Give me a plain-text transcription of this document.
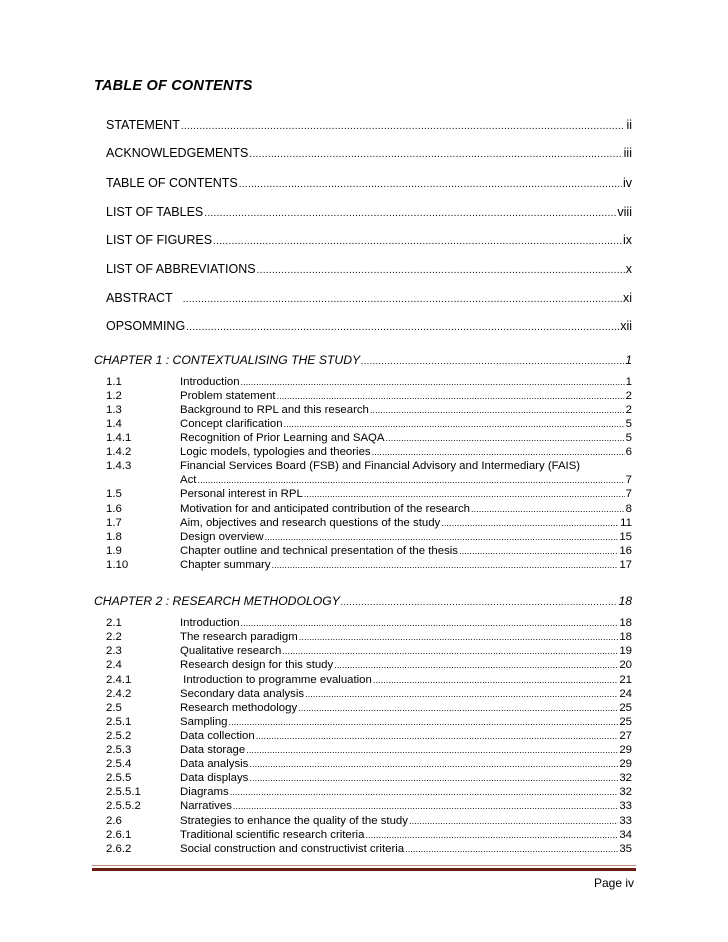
TABLE OF CONTENTS
STATEMENT .....	ii
ACKNOWLEDGEMENTS .....	iii
TABLE OF CONTENTS .....	iv
LIST OF TABLES .....	viii
LIST OF FIGURES .....	ix
LIST OF ABBREVIATIONS .....	x
ABSTRACT .....	xi
OPSOMMING .....	xii
CHAPTER 1 : CONTEXTUALISING THE STUDY .....	1
1.1	Introduction .....	1
1.2	Problem statement .....	2
1.3	Background to RPL and this research .....	2
1.4	Concept clarification .....	5
1.4.1	Recognition of Prior Learning and SAQA .....	5
1.4.2	Logic models, typologies and theories .....	6
1.4.3	Financial Services Board (FSB) and Financial Advisory and Intermediary (FAIS)
Act .....	7
1.5	Personal interest in RPL .....	7
1.6	Motivation for and anticipated contribution of the research .....	8
1.7	Aim, objectives and research questions of the study .....	11
1.8	Design overview .....	15
1.9	Chapter outline and technical presentation of the thesis .....	16
1.10	Chapter summary .....	17
CHAPTER 2 : RESEARCH METHODOLOGY .....	18
2.1	Introduction .....	18
2.2	The research paradigm .....	18
2.3	Qualitative research .....	19
2.4	Research design for this study .....	20
2.4.1	Introduction to programme evaluation .....	21
2.4.2	Secondary data analysis .....	24
2.5	Research methodology .....	25
2.5.1	Sampling .....	25
2.5.2	Data collection .....	27
2.5.3	Data storage .....	29
2.5.4	Data analysis .....	29
2.5.5	Data displays .....	32
2.5.5.1	Diagrams .....	32
2.5.5.2	Narratives .....	33
2.6	Strategies to enhance the quality of the study .....	33
2.6.1	Traditional scientific research criteria .....	34
2.6.2	Social construction and constructivist criteria .....	35
Page iv
